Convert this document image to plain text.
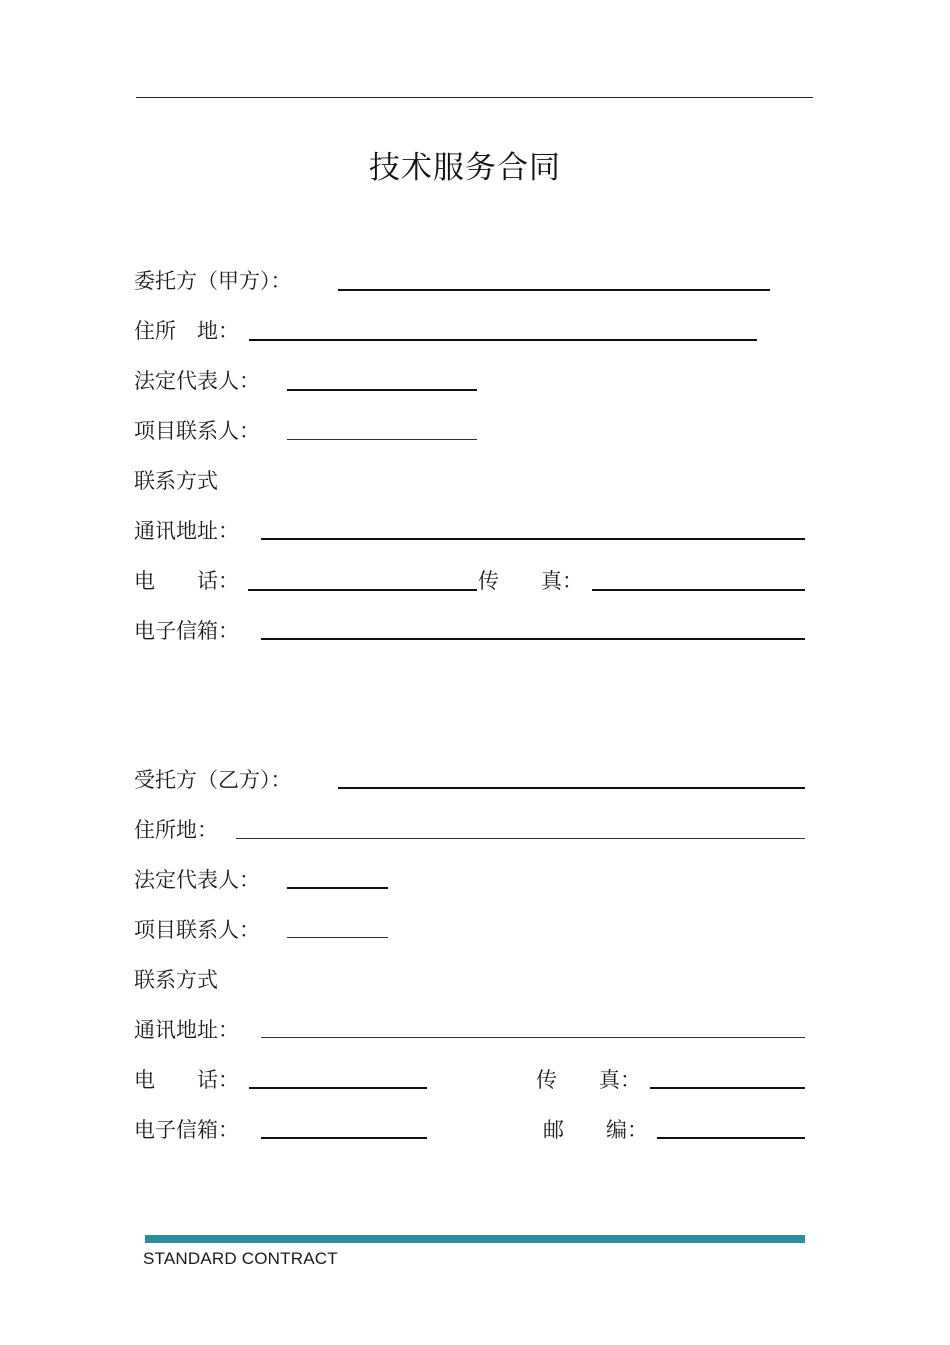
技术服务合同
委托方（甲方）：
住所　地：
法定代表人：
项目联系人：
联系方式
通讯地址：
电　　话：	传　　真：
电子信箱：
受托方（乙方）：
住所地：
法定代表人：
项目联系人：
联系方式
通讯地址：
电　　话：	传　　真：
电子信箱：	邮　　编：
STANDARD CONTRACT
